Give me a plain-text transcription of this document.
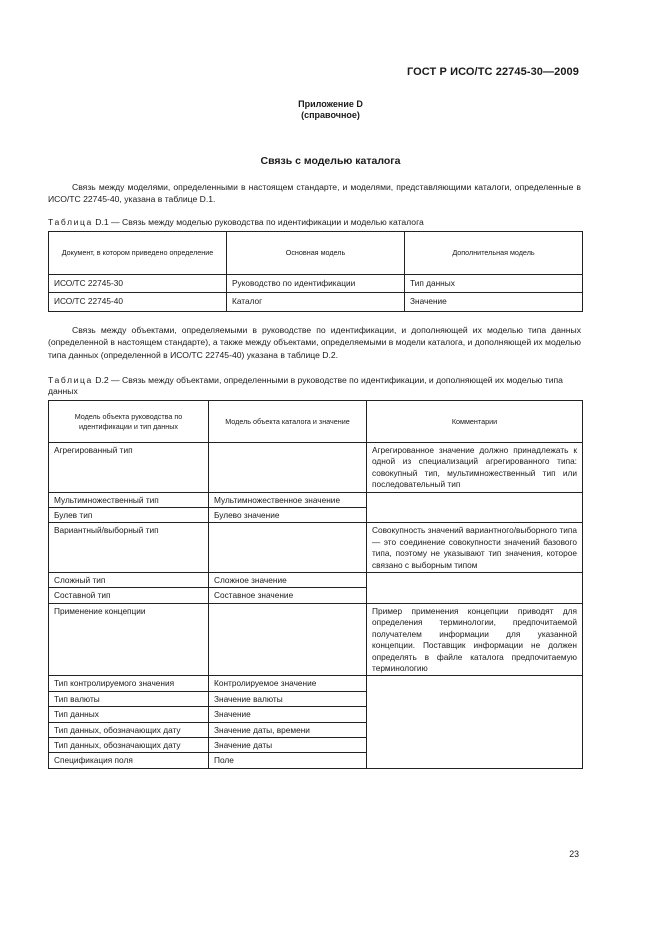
ГОСТ Р ИСО/ТС 22745-30—2009
Приложение D
(справочное)
Связь с моделью каталога
Связь между моделями, определенными в настоящем стандарте, и моделями, представляющими каталоги, определенные в ИСО/ТС 22745-40, указана в таблице D.1.
Таблица D.1 — Связь между моделью руководства по идентификации и моделью каталога
Документ, в котором приведено определение	Основная модель	Дополнительная модель
ИСО/ТС 22745-30	Руководство по идентификации	Тип данных
ИСО/ТС 22745-40	Каталог	Значение
Связь между объектами, определяемыми в руководстве по идентификации, и дополняющей их моделью типа данных (определенной в настоящем стандарте), а также между объектами, определяемыми в модели каталога, и дополняющей их моделью типа данных (определенной в ИСО/ТС 22745-40) указана в таблице D.2.
Таблица D.2 — Связь между объектами, определенными в руководстве по идентификации, и дополняющей их моделью типа данных
Модель объекта руководства по идентификации и тип данных	Модель объекта каталога и значение	Комментарии
Агрегированный тип		Агрегированное значение должно принадлежать к одной из специализаций агрегированного типа: совокупный тип, мультимножественный тип или последовательный тип
Мультимножественный тип	Мультимножественное значение	
Булев тип	Булево значение	
Вариантный/выборный тип		Совокупность значений вариантного/выборного типа — это соединение совокупности значений базового типа, поэтому не указывают тип значения, которое связано с выборным типом
Сложный тип	Сложное значение	
Составной тип	Составное значение	
Применение концепции		Пример применения концепции приводят для определения терминологии, предпочитаемой получателем информации для указанной концепции. Поставщик информации не должен определять в файле каталога предпочитаемую терминологию
Тип контролируемого значения	Контролируемое значение	
Тип валюты	Значение валюты	
Тип данных	Значение	
Тип данных, обозначающих дату	Значение даты, времени	
Тип данных, обозначающих дату	Значение даты	
Спецификация поля	Поле	
23
